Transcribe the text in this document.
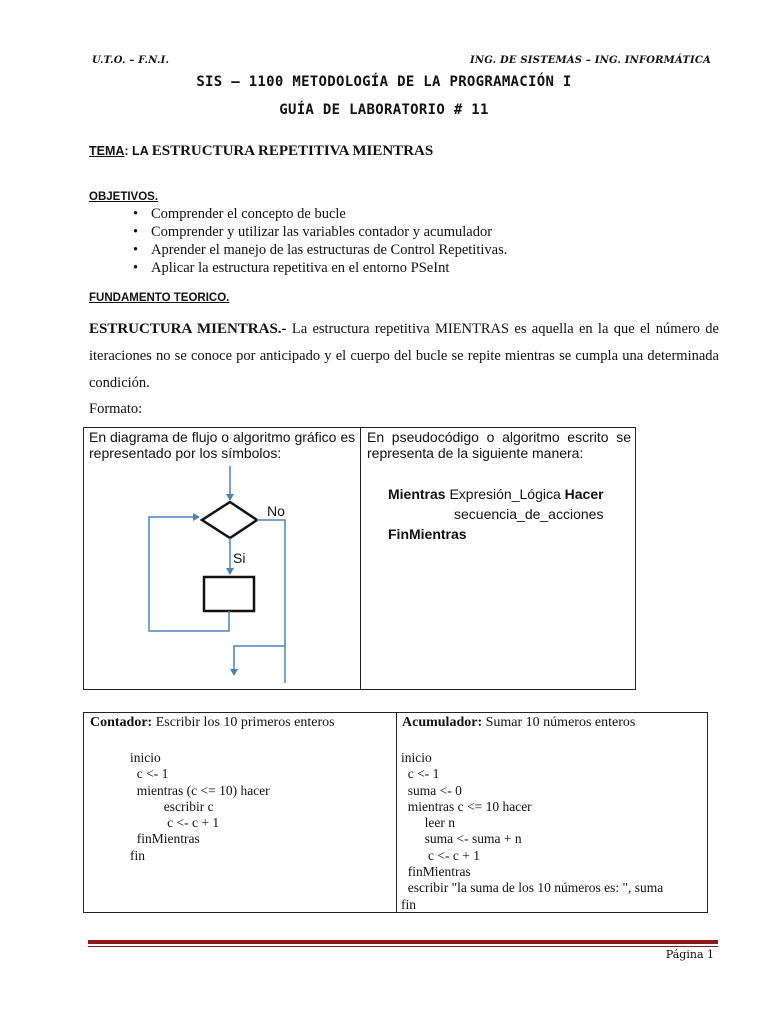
U.T.O. – F.N.I.	ING. DE SISTEMAS – ING. INFORMÁTICA
SIS – 1100 METODOLOGÍA DE LA PROGRAMACIÓN I
GUÍA DE LABORATORIO # 11
TEMA: LA ESTRUCTURA REPETITIVA MIENTRAS
OBJETIVOS.
• Comprender el concepto de bucle
• Comprender y utilizar las variables contador y acumulador
• Aprender el manejo de las estructuras de Control Repetitivas.
• Aplicar la estructura repetitiva en el entorno PSeInt
FUNDAMENTO TEORICO.
ESTRUCTURA MIENTRAS.- La estructura repetitiva MIENTRAS es aquella en la que el número de iteraciones no se conoce por anticipado y el cuerpo del bucle se repite mientras se cumpla una determinada condición.
Formato:
En diagrama de flujo o algoritmo gráfico es representado por los símbolos:
En pseudocódigo o algoritmo escrito se representa de la siguiente manera:
No
Si
Mientras Expresión_Lógica Hacer
secuencia_de_acciones
FinMientras
Contador: Escribir los 10 primeros enteros
inicio
c <- 1
mientras (c <= 10) hacer
escribir c
c <- c + 1
finMientras
fin
Acumulador: Sumar 10 números enteros
inicio
c <- 1
suma <- 0
mientras c <= 10 hacer
leer n
suma <- suma + n
c <- c + 1
finMientras
escribir "la suma de los 10 números es: ", suma
fin
Página 1
